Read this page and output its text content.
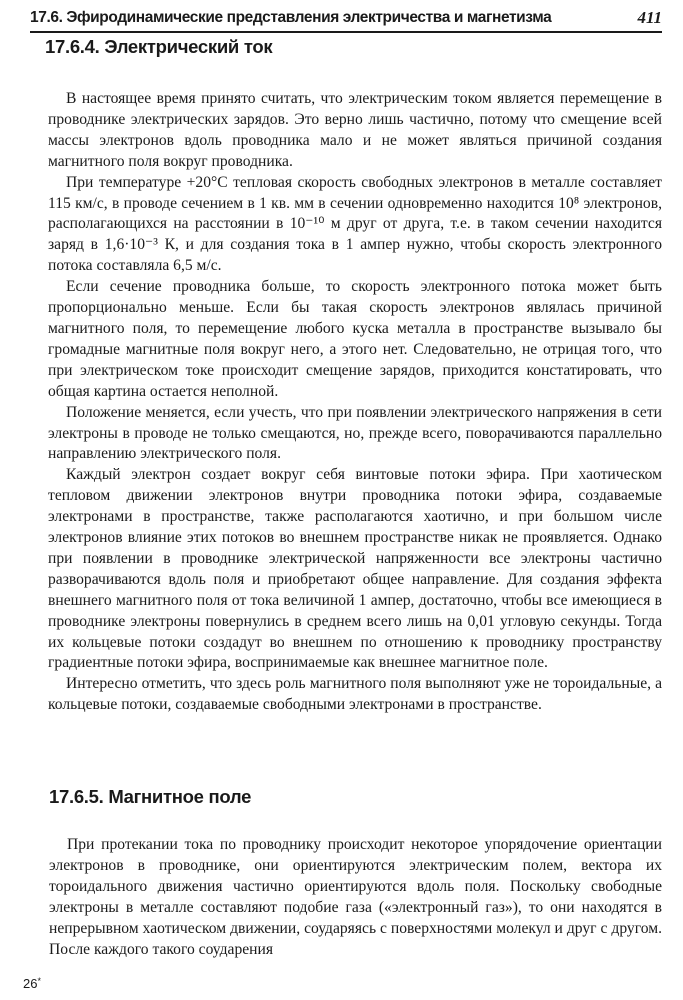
17.6. Эфиродинамические представления электричества и магнетизма	411
17.6.4. Электрический ток

В настоящее время принято считать, что электрическим током является перемещение в проводнике электрических зарядов. Это верно лишь частично, потому что смещение всей массы электронов вдоль проводника мало и не может являться причиной создания магнитного поля вокруг проводника.

При температуре +20°С тепловая скорость свободных электронов в металле составляет 115 км/с, в проводе сечением в 1 кв. мм в сечении одновременно находится 10⁸ электронов, располагающихся на расстоянии в 10⁻¹⁰ м друг от друга, т.е. в таком сечении находится заряд в 1,6·10⁻³ К, и для создания тока в 1 ампер нужно, чтобы скорость электронного потока составляла 6,5 м/с.

Если сечение проводника больше, то скорость электронного потока может быть пропорционально меньше. Если бы такая скорость электронов являлась причиной магнитного поля, то перемещение любого куска металла в пространстве вызывало бы громадные магнитные поля вокруг него, а этого нет. Следовательно, не отрицая того, что при электрическом токе происходит смещение зарядов, приходится констатировать, что общая картина остается неполной.

Положение меняется, если учесть, что при появлении электрического напряжения в сети электроны в проводе не только смещаются, но, прежде всего, поворачиваются параллельно направлению электрического поля.

Каждый электрон создает вокруг себя винтовые потоки эфира. При хаотическом тепловом движении электронов внутри проводника потоки эфира, создаваемые электронами в пространстве, также располагаются хаотично, и при большом числе электронов влияние этих потоков во внешнем пространстве никак не проявляется. Однако при появлении в проводнике электрической напряженности все электроны частично разворачиваются вдоль поля и приобретают общее направление. Для создания эффекта внешнего магнитного поля от тока величиной 1 ампер, достаточно, чтобы все имеющиеся в проводнике электроны повернулись в среднем всего лишь на 0,01 угловую секунды. Тогда их кольцевые потоки создадут во внешнем по отношению к проводнику пространству градиентные потоки эфира, воспринимаемые как внешнее магнитное поле.

Интересно отметить, что здесь роль магнитного поля выполняют уже не тороидальные, а кольцевые потоки, создаваемые свободными электронами в пространстве.

17.6.5. Магнитное поле

При протекании тока по проводнику происходит некоторое упорядочение ориентации электронов в проводнике, они ориентируются электрическим полем, вектора их тороидального движения частично ориентируются вдоль поля. Поскольку свободные электроны в металле составляют подобие газа («электронный газ»), то они находятся в непрерывном хаотическом движении, соударяясь с поверхностями молекул и друг с другом. После каждого такого соударения

26*
